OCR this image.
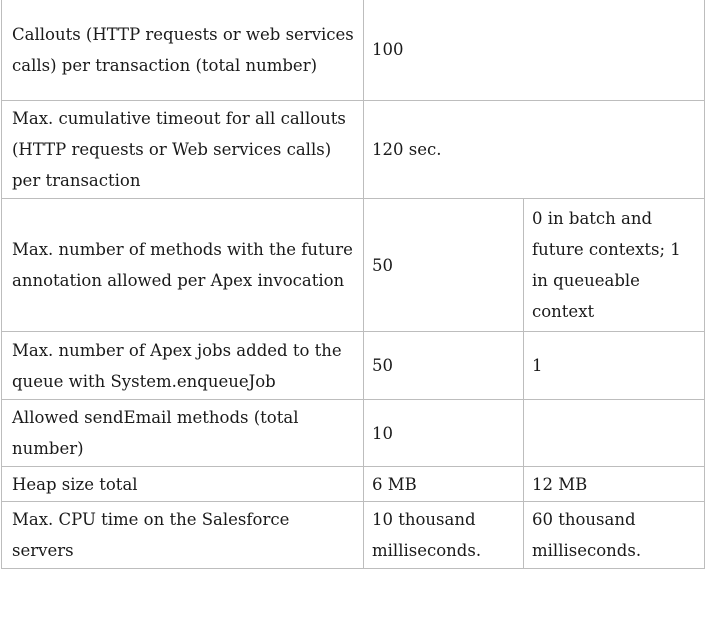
Callouts (HTTP requests or web services calls) per transaction (total number)	100	
Max. cumulative timeout for all callouts (HTTP requests or Web services calls) per transaction	120 sec.	
Max. number of methods with the future annotation allowed per Apex invocation	50	0 in batch and future contexts; 1 in queueable context
Max. number of Apex jobs added to the queue with System.enqueueJob	50	1
Allowed sendEmail methods (total number)	10	
Heap size total	6 MB	12 MB
Max. CPU time on the Salesforce servers	10 thousand milliseconds.	60 thousand milliseconds.
